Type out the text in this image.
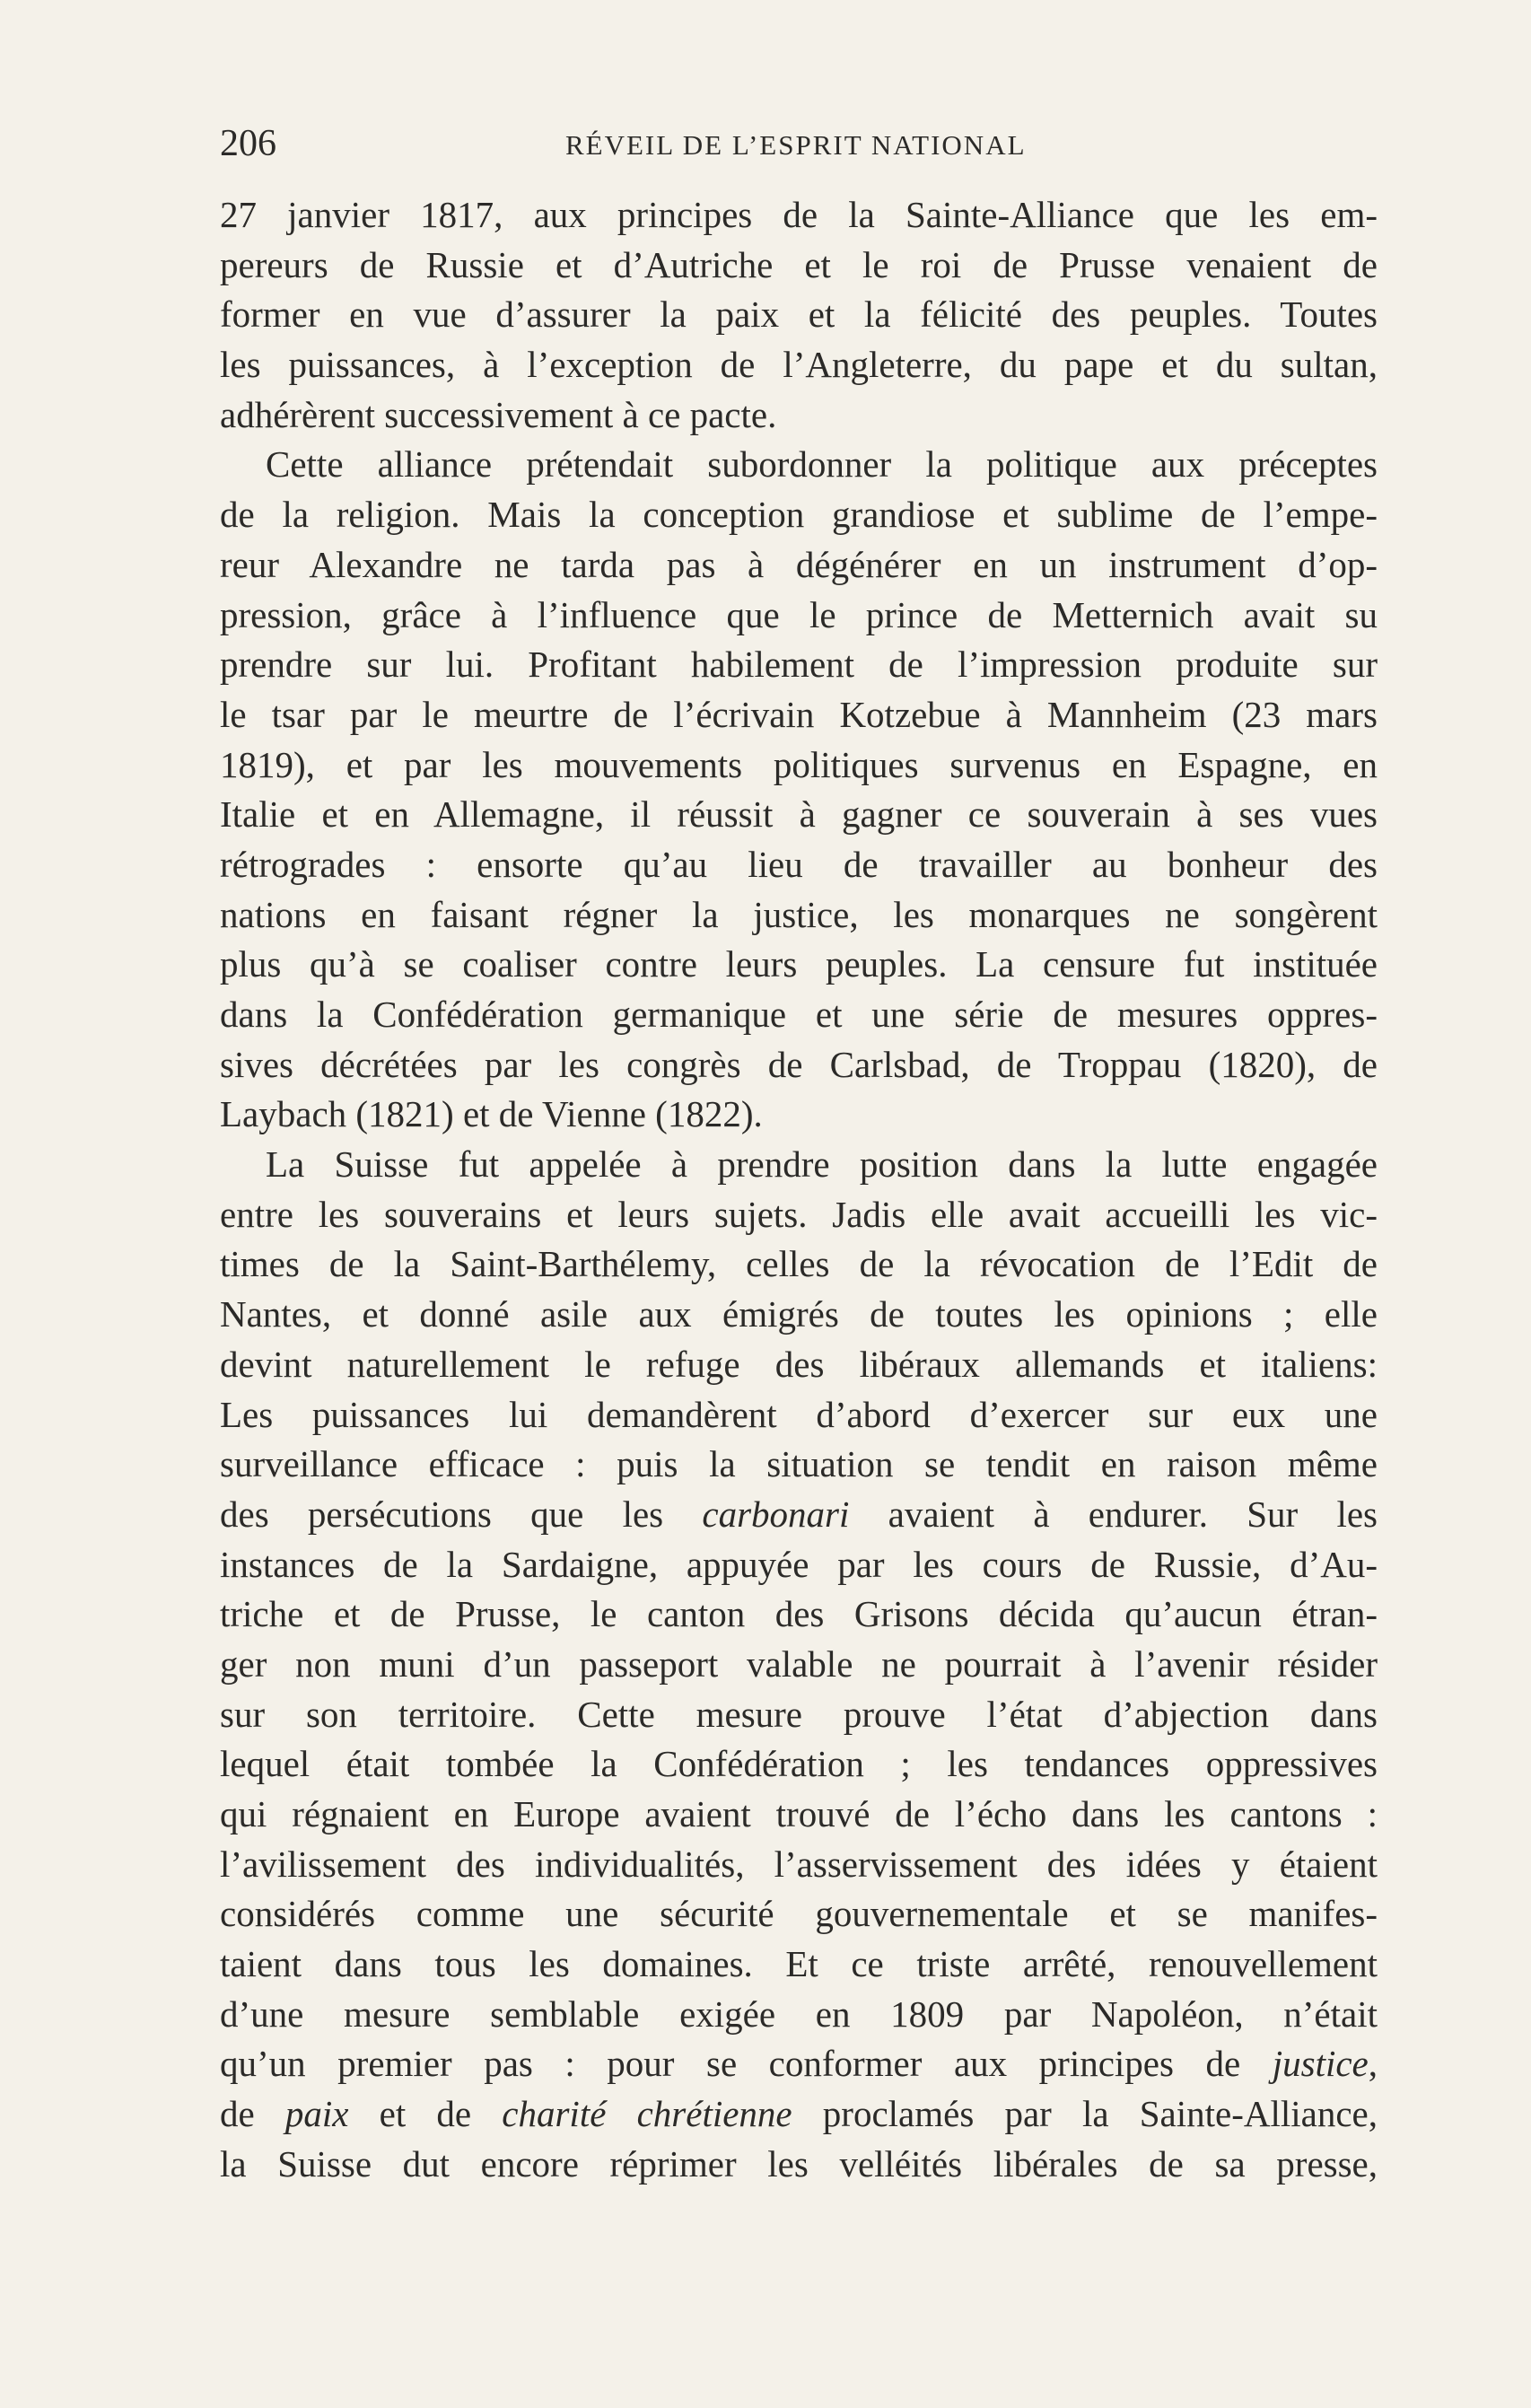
206	RÉVEIL DE L’ESPRIT NATIONAL
27 janvier 1817, aux principes de la Sainte-Alliance que les em-
pereurs de Russie et d’Autriche et le roi de Prusse venaient de
former en vue d’assurer la paix et la félicité des peuples. Toutes
les puissances, à l’exception de l’Angleterre, du pape et du sultan,
adhérèrent successivement à ce pacte.
Cette alliance prétendait subordonner la politique aux préceptes
de la religion. Mais la conception grandiose et sublime de l’empe-
reur Alexandre ne tarda pas à dégénérer en un instrument d’op-
pression, grâce à l’influence que le prince de Metternich avait su
prendre sur lui. Profitant habilement de l’impression produite sur
le tsar par le meurtre de l’écrivain Kotzebue à Mannheim (23 mars
1819), et par les mouvements politiques survenus en Espagne, en
Italie et en Allemagne, il réussit à gagner ce souverain à ses vues
rétrogrades : ensorte qu’au lieu de travailler au bonheur des
nations en faisant régner la justice, les monarques ne songèrent
plus qu’à se coaliser contre leurs peuples. La censure fut instituée
dans la Confédération germanique et une série de mesures oppres-
sives décrétées par les congrès de Carlsbad, de Troppau (1820), de
Laybach (1821) et de Vienne (1822).
La Suisse fut appelée à prendre position dans la lutte engagée
entre les souverains et leurs sujets. Jadis elle avait accueilli les vic-
times de la Saint-Barthélemy, celles de la révocation de l’Edit de
Nantes, et donné asile aux émigrés de toutes les opinions ; elle
devint naturellement le refuge des libéraux allemands et italiens:
Les puissances lui demandèrent d’abord d’exercer sur eux une
surveillance efficace : puis la situation se tendit en raison même
des persécutions que les carbonari avaient à endurer. Sur les
instances de la Sardaigne, appuyée par les cours de Russie, d’Au-
triche et de Prusse, le canton des Grisons décida qu’aucun étran-
ger non muni d’un passeport valable ne pourrait à l’avenir résider
sur son territoire. Cette mesure prouve l’état d’abjection dans
lequel était tombée la Confédération ; les tendances oppressives
qui régnaient en Europe avaient trouvé de l’écho dans les cantons :
l’avilissement des individualités, l’asservissement des idées y étaient
considérés comme une sécurité gouvernementale et se manifes-
taient dans tous les domaines. Et ce triste arrêté, renouvellement
d’une mesure semblable exigée en 1809 par Napoléon, n’était
qu’un premier pas : pour se conformer aux principes de justice,
de paix et de charité chrétienne proclamés par la Sainte-Alliance,
la Suisse dut encore réprimer les velléités libérales de sa presse,
